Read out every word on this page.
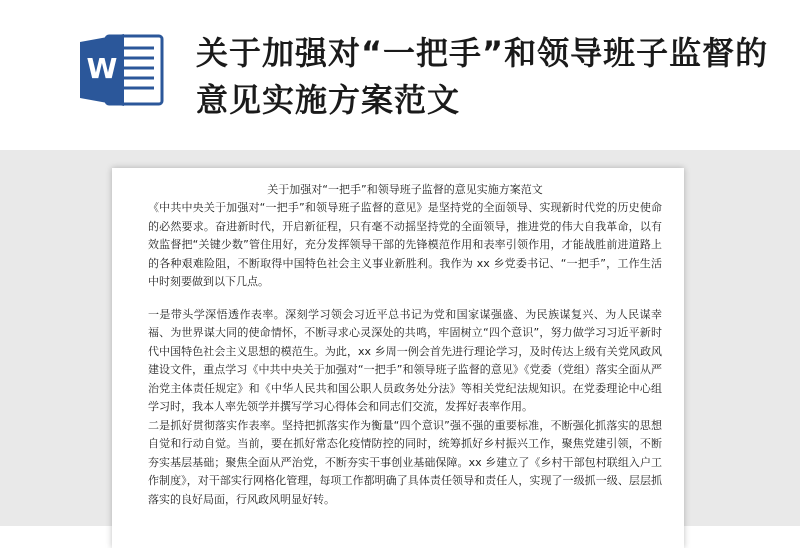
W 关于加强对“一把手”和领导班子监督的意见实施方案范文
关于加强对“一把手”和领导班子监督的意见实施方案范文

《中共中央关于加强对“一把手”和领导班子监督的意见》是坚持党的全面领导、实现新时代党的历史使命的必然要求。奋进新时代，开启新征程，只有毫不动摇坚持党的全面领导，推进党的伟大自我革命，以有效监督把“关键少数”管住用好，充分发挥领导干部的先锋模范作用和表率引领作用，才能战胜前进道路上的各种艰难险阻，不断取得中国特色社会主义事业新胜利。我作为 xx 乡党委书记、“一把手”，工作生活中时刻要做到以下几点。

一是带头学深悟透作表率。深刻学习领会习近平总书记为党和国家谋强盛、为民族谋复兴、为人民谋幸福、为世界谋大同的使命情怀，不断寻求心灵深处的共鸣，牢固树立“四个意识”，努力做学习习近平新时代中国特色社会主义思想的模范生。为此，xx 乡周一例会首先进行理论学习，及时传达上级有关党风政风建设文件，重点学习《中共中央关于加强对“一把手”和领导班子监督的意见》《党委（党组）落实全面从严治党主体责任规定》和《中华人民共和国公职人员政务处分法》等相关党纪法规知识。在党委理论中心组学习时，我本人率先领学并撰写学习心得体会和同志们交流，发挥好表率作用。

二是抓好贯彻落实作表率。坚持把抓落实作为衡量“四个意识”强不强的重要标准，不断强化抓落实的思想自觉和行动自觉。当前，要在抓好常态化疫情防控的同时，统筹抓好乡村振兴工作，聚焦党建引领，不断夯实基层基础；聚焦全面从严治党，不断夯实干事创业基础保障。xx 乡建立了《乡村干部包村联组入户工作制度》，对干部实行网格化管理，每项工作都明确了具体责任领导和责任人，实现了一级抓一级、层层抓落实的良好局面，行风政风明显好转。
